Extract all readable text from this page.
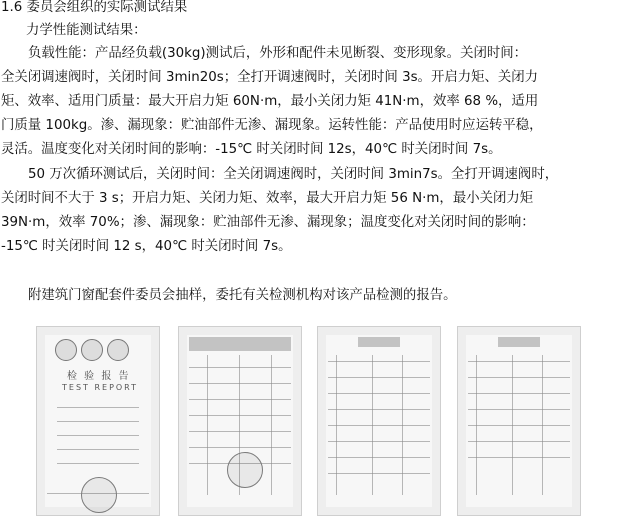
1.6 委员会组织的实际测试结果
力学性能测试结果：
负载性能：产品经负载(30kg)测试后，外形和配件未见断裂、变形现象。关闭时间：
全关闭调速阀时，关闭时间 3min20s；全打开调速阀时，关闭时间 3s。开启力矩、关闭力
矩、效率、适用门质量：最大开启力矩 60N·m，最小关闭力矩 41N·m，效率 68 %，适用
门质量 100kg。渗、漏现象：贮油部件无渗、漏现象。运转性能：产品使用时应运转平稳，
灵活。温度变化对关闭时间的影响：-15℃ 时关闭时间 12s，40℃ 时关闭时间 7s。
50 万次循环测试后，关闭时间：全关闭调速阀时，关闭时间 3min7s。全打开调速阀时，
关闭时间不大于 3 s；开启力矩、关闭力矩、效率，最大开启力矩 56 N·m，最小关闭力矩
39N·m，效率 70%；渗、漏现象：贮油部件无渗、漏现象；温度变化对关闭时间的影响：
-15℃ 时关闭时间 12 s，40℃ 时关闭时间 7s。
附建筑门窗配套件委员会抽样，委托有关检测机构对该产品检测的报告。
检 验 报 告
TEST REPORT
